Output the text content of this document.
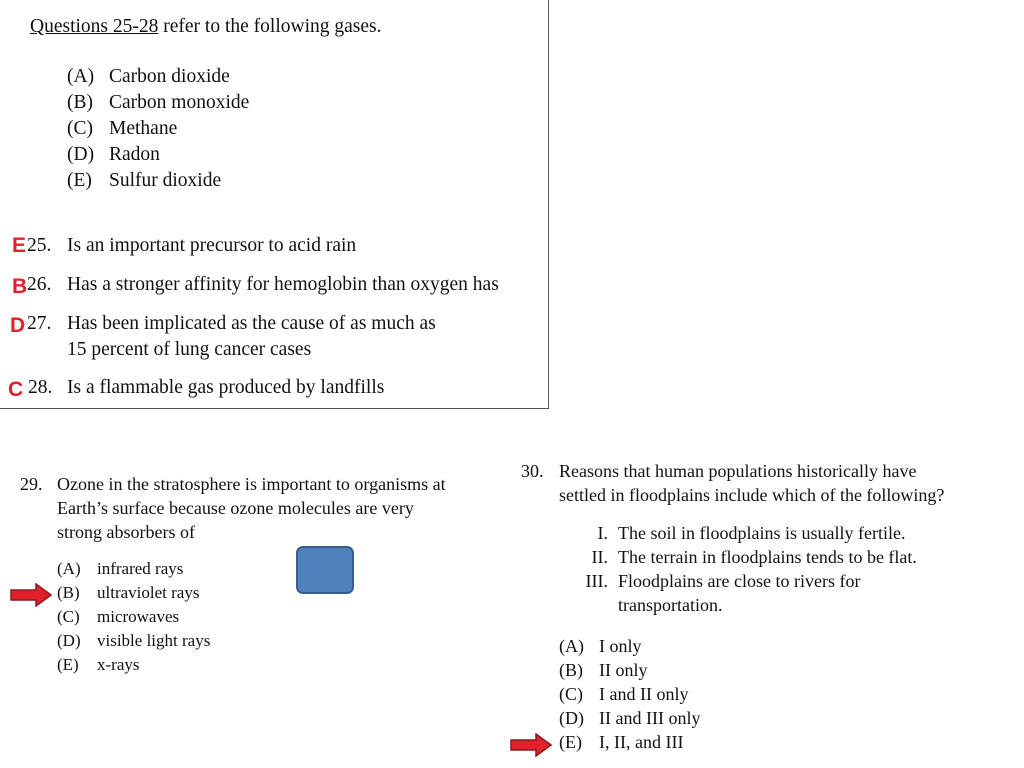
Questions 25-28 refer to the following gases.
(A) Carbon dioxide
(B) Carbon monoxide
(C) Methane
(D) Radon
(E) Sulfur dioxide
E 25. Is an important precursor to acid rain
B 26. Has a stronger affinity for hemoglobin than oxygen has
D 27. Has been implicated as the cause of as much as
15 percent of lung cancer cases
C 28. Is a flammable gas produced by landfills
29. Ozone in the stratosphere is important to organisms at
Earth’s surface because ozone molecules are very
strong absorbers of
(A) infrared rays
(B) ultraviolet rays
(C) microwaves
(D) visible light rays
(E) x-rays
30. Reasons that human populations historically have
settled in floodplains include which of the following?
I. The soil in floodplains is usually fertile.
II. The terrain in floodplains tends to be flat.
III. Floodplains are close to rivers for
transportation.
(A) I only
(B) II only
(C) I and II only
(D) II and III only
(E) I, II, and III
